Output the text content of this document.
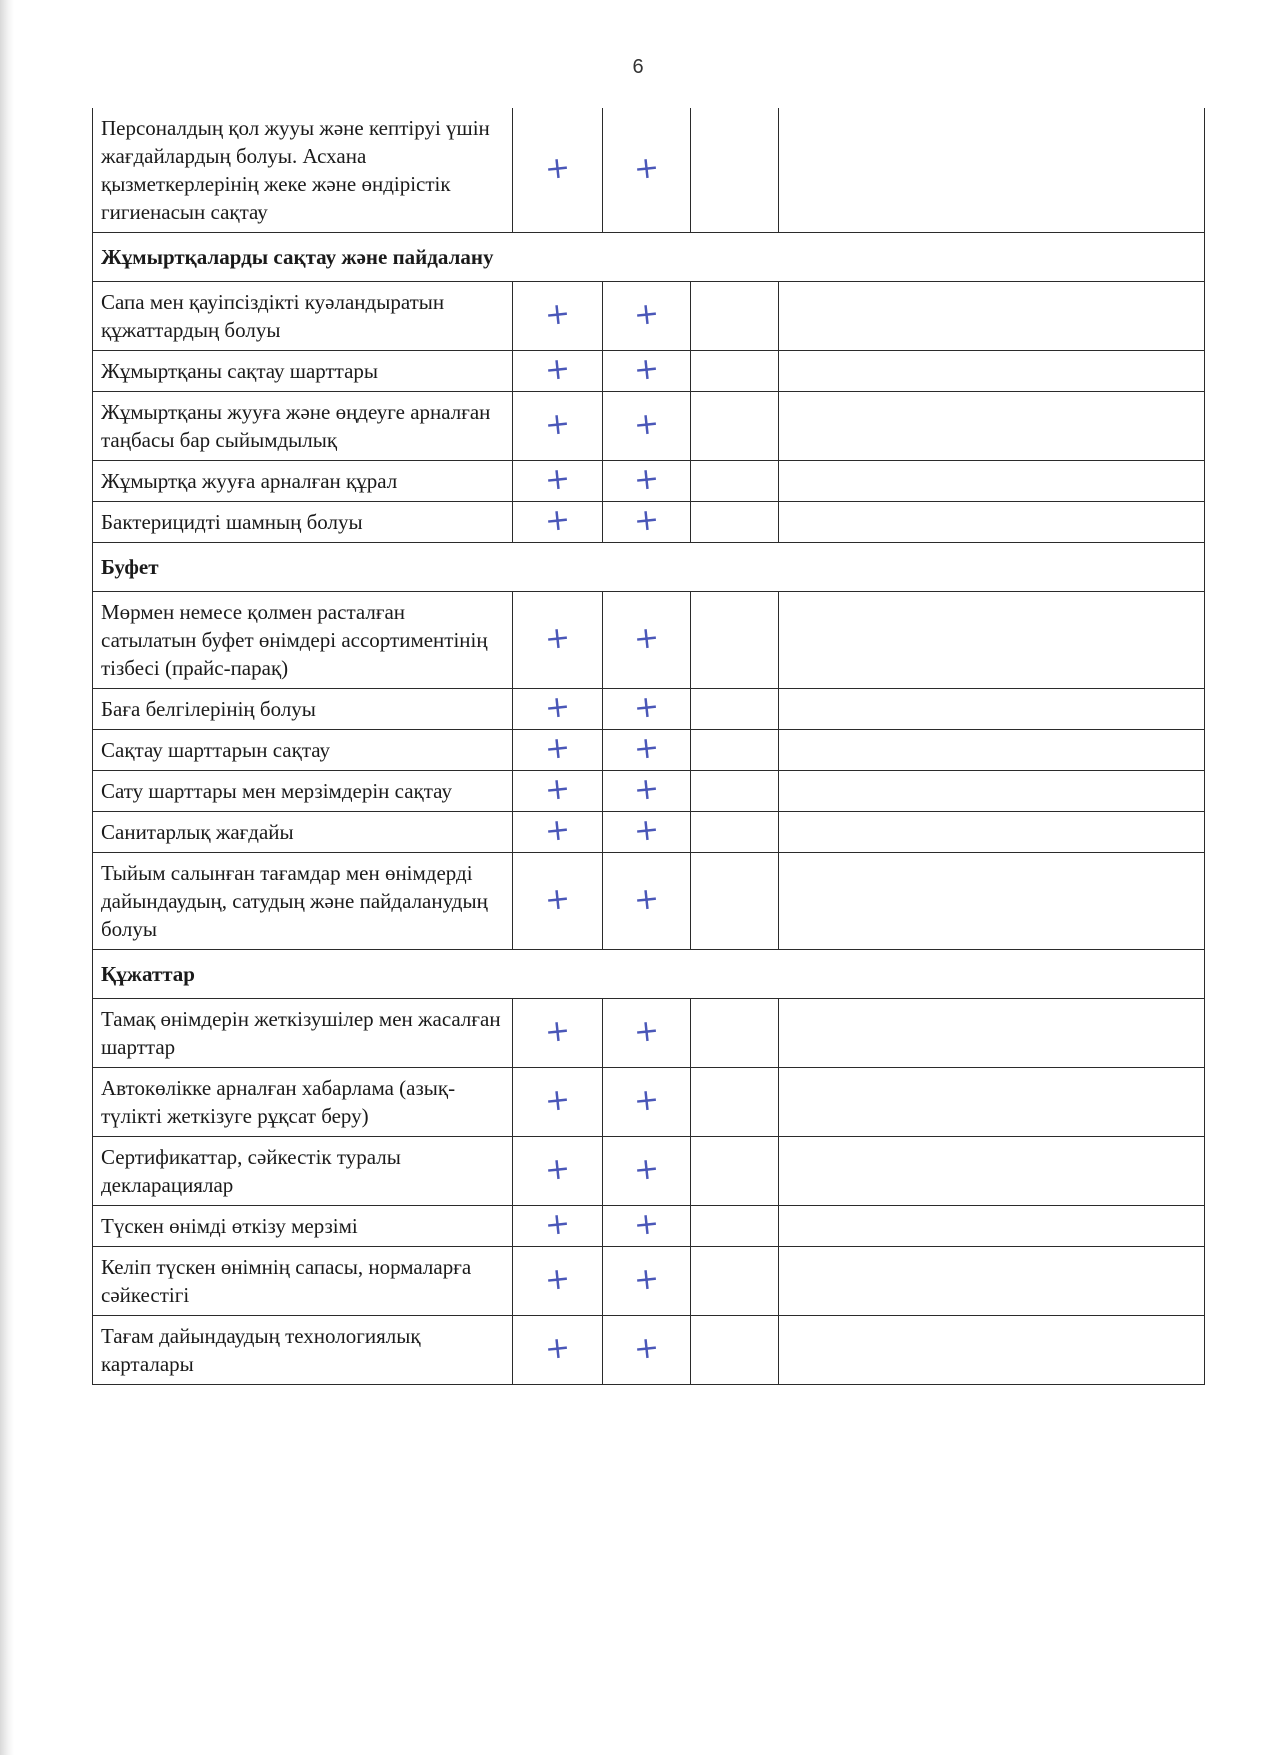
6
Персоналдың қол жууы және кептіруі үшін жағдайлардың болуы. Асхана қызметкерлерінің жеке және өндірістік гигиенасын сақтау	+	+		
Жұмыртқаларды сақтау және пайдалану				
Сапа мен қауіпсіздікті куәландыратын құжаттардың болуы	+	+		
Жұмыртқаны сақтау шарттары	+	+		
Жұмыртқаны жууға және өңдеуге арналған таңбасы бар сыйымдылық	+	+		
Жұмыртқа жууға арналған құрал	+	+		
Бактерицидті шамның болуы	+	+		
Буфет				
Мөрмен немесе қолмен расталған сатылатын буфет өнімдері ассортиментінің тізбесі (прайс-парақ)	+	+		
Баға белгілерінің болуы	+	+		
Сақтау шарттарын сақтау	+	+		
Сату шарттары мен мерзімдерін сақтау	+	+		
Санитарлық жағдайы	+	+		
Тыйым салынған тағамдар мен өнімдерді дайындаудың, сатудың және пайдаланудың болуы	+	+		
Құжаттар				
Тамақ өнімдерін жеткізушілер мен жасалған шарттар	+	+		
Автокөлікке арналған хабарлама (азық-түлікті жеткізуге рұқсат беру)	+	+		
Сертификаттар, сәйкестік туралы декларациялар	+	+		
Түскен өнімді өткізу мерзімі	+	+		
Келіп түскен өнімнің сапасы, нормаларға сәйкестігі	+	+		
Тағам дайындаудың технологиялық карталары	+	+		
